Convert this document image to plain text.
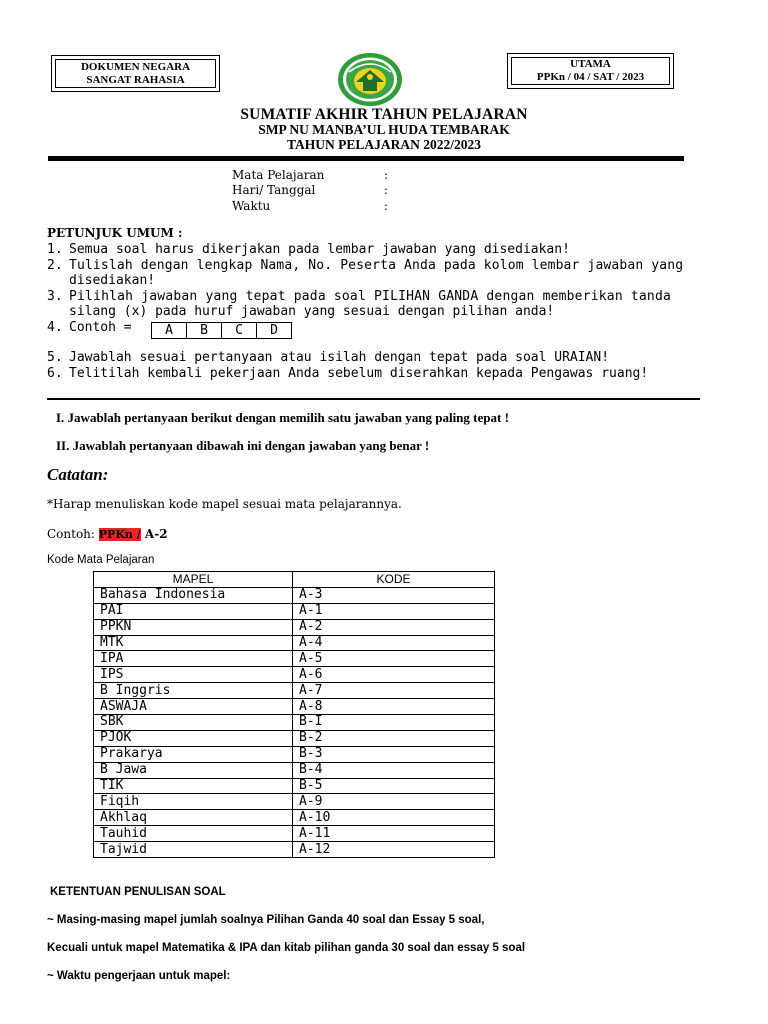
DOKUMEN NEGARA
SANGAT RAHASIA
UTAMA
PPKn / 04 / SAT / 2023
SUMATIF AKHIR TAHUN PELAJARAN
SMP NU MANBA’UL HUDA TEMBARAK
TAHUN PELAJARAN 2022/2023
Mata Pelajaran	:
Hari/ Tanggal	:
Waktu	:
PETUNJUK UMUM :
1. Semua soal harus dikerjakan pada lembar jawaban yang disediakan!
2. Tulislah dengan lengkap Nama, No. Peserta Anda pada kolom lembar jawaban yang
disediakan!
3. Pilihlah jawaban yang tepat pada soal PILIHAN GANDA dengan memberikan tanda
silang (x) pada huruf jawaban yang sesuai dengan pilihan anda!
4. Contoh =	A B C D
5. Jawablah sesuai pertanyaan atau isilah dengan tepat pada soal URAIAN!
6. Telitilah kembali pekerjaan Anda sebelum diserahkan kepada Pengawas ruang!
I. Jawablah pertanyaan berikut dengan memilih satu jawaban yang paling tepat !
II. Jawablah pertanyaan dibawah ini dengan jawaban yang benar !
Catatan:
*Harap menuliskan kode mapel sesuai mata pelajarannya.
Contoh: PPKn / A-2
Kode Mata Pelajaran
MAPEL	KODE
Bahasa Indonesia	A-3
PAI	A-1
PPKN	A-2
MTK	A-4
IPA	A-5
IPS	A-6
B Inggris	A-7
ASWAJA	A-8
SBK	B-I
PJOK	B-2
Prakarya	B-3
B Jawa	B-4
TIK	B-5
Fiqih	A-9
Akhlaq	A-10
Tauhid	A-11
Tajwid	A-12
KETENTUAN PENULISAN SOAL
~ Masing-masing mapel jumlah soalnya Pilihan Ganda 40 soal dan Essay 5 soal,
Kecuali untuk mapel Matematika & IPA dan kitab pilihan ganda 30 soal dan essay 5 soal
~ Waktu pengerjaan untuk mapel:
